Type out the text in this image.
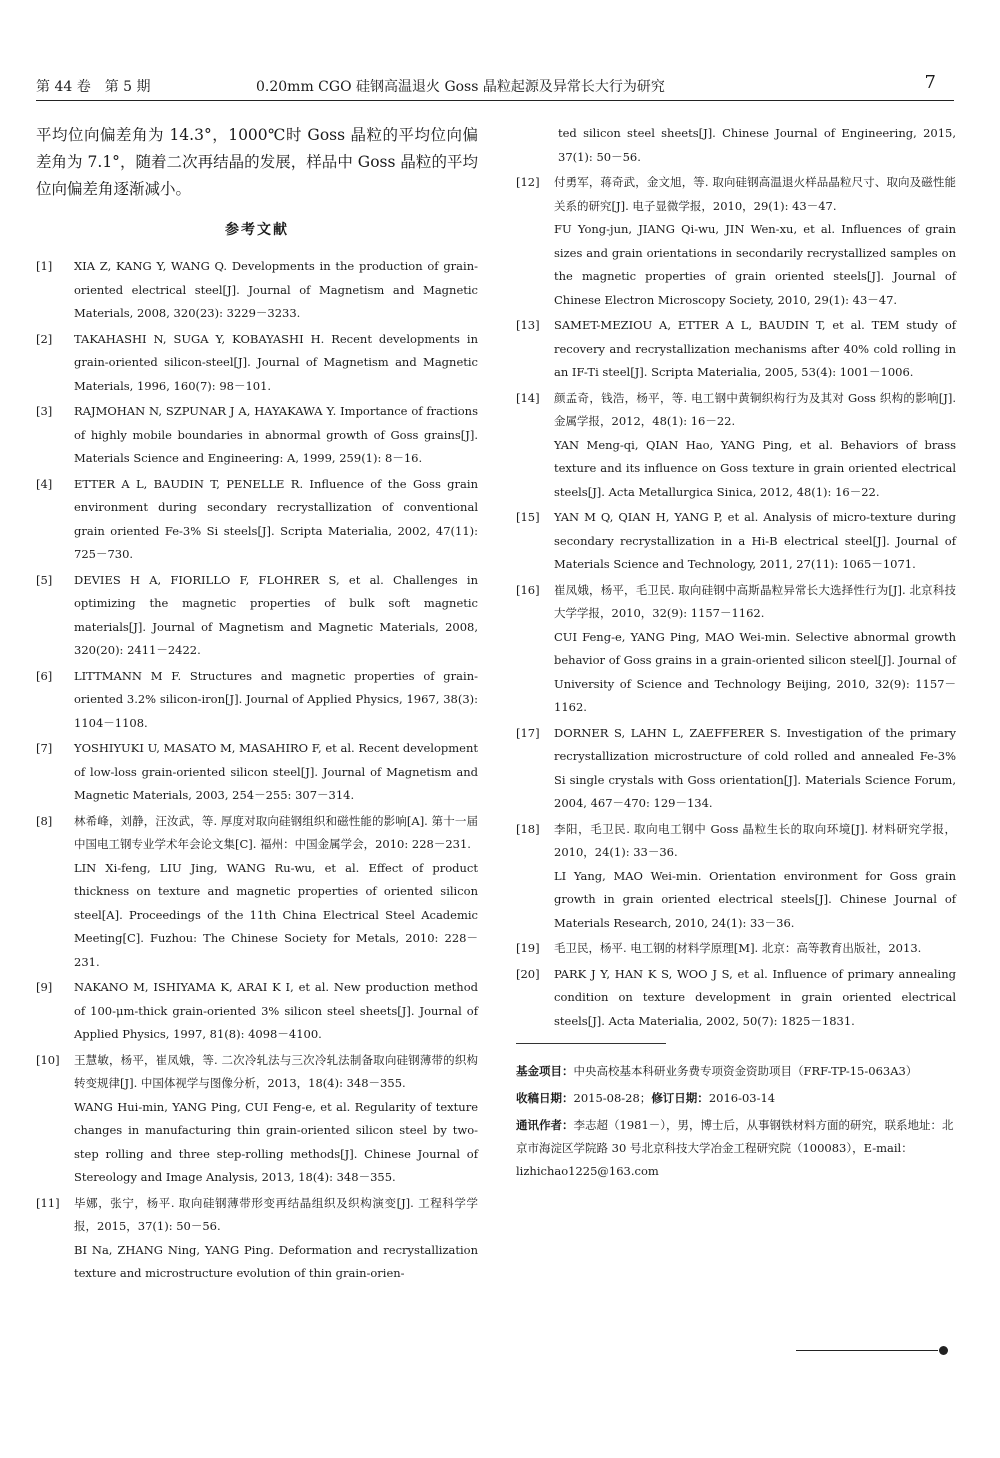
第 44 卷　第 5 期	0.20mm CGO 硅钢高温退火 Goss 晶粒起源及异常长大行为研究	7

平均位向偏差角为 14.3°，1000℃时 Goss 晶粒的平均位向偏差角为 7.1°，随着二次再结晶的发展，样品中 Goss 晶粒的平均位向偏差角逐渐减小。

参考文献
[1] XIA Z, KANG Y, WANG Q. Developments in the production of grain-oriented electrical steel[J]. Journal of Magnetism and Magnetic Materials, 2008, 320(23): 3229－3233.
[2] TAKAHASHI N, SUGA Y, KOBAYASHI H. Recent developments in grain-oriented silicon-steel[J]. Journal of Magnetism and Magnetic Materials, 1996, 160(7): 98－101.
[3] RAJMOHAN N, SZPUNAR J A, HAYAKAWA Y. Importance of fractions of highly mobile boundaries in abnormal growth of Goss grains[J]. Materials Science and Engineering: A, 1999, 259(1): 8－16.
[4] ETTER A L, BAUDIN T, PENELLE R. Influence of the Goss grain environment during secondary recrystallization of conventional grain oriented Fe-3% Si steels[J]. Scripta Materialia, 2002, 47(11): 725－730.
[5] DEVIES H A, FIORILLO F, FLOHRER S, et al. Challenges in optimizing the magnetic properties of bulk soft magnetic materials[J]. Journal of Magnetism and Magnetic Materials, 2008, 320(20): 2411－2422.
[6] LITTMANN M F. Structures and magnetic properties of grain-oriented 3.2% silicon-iron[J]. Journal of Applied Physics, 1967, 38(3): 1104－1108.
[7] YOSHIYUKI U, MASATO M, MASAHIRO F, et al. Recent development of low-loss grain-oriented silicon steel[J]. Journal of Magnetism and Magnetic Materials, 2003, 254－255: 307－314.
[8] 林希峰，刘静，汪汝武，等. 厚度对取向硅钢组织和磁性能的影响[A]. 第十一届中国电工钢专业学术年会论文集[C]. 福州：中国金属学会，2010: 228－231.
LIN Xi-feng, LIU Jing, WANG Ru-wu, et al. Effect of product thickness on texture and magnetic properties of oriented silicon steel[A]. Proceedings of the 11th China Electrical Steel Academic Meeting[C]. Fuzhou: The Chinese Society for Metals, 2010: 228－231.
[9] NAKANO M, ISHIYAMA K, ARAI K I, et al. New production method of 100-μm-thick grain-oriented 3% silicon steel sheets[J]. Journal of Applied Physics, 1997, 81(8): 4098－4100.
[10] 王慧敏，杨平，崔凤娥，等. 二次冷轧法与三次冷轧法制备取向硅钢薄带的织构转变规律[J]. 中国体视学与图像分析，2013，18(4): 348－355.
WANG Hui-min, YANG Ping, CUI Feng-e, et al. Regularity of texture changes in manufacturing thin grain-oriented silicon steel by two-step rolling and three step-rolling methods[J]. Chinese Journal of Stereology and Image Analysis, 2013, 18(4): 348－355.
[11] 毕娜，张宁，杨平. 取向硅钢薄带形变再结晶组织及织构演变[J]. 工程科学学报，2015，37(1): 50－56.
BI Na, ZHANG Ning, YANG Ping. Deformation and recrystallization texture and microstructure evolution of thin grain-orien-
ted silicon steel sheets[J]. Chinese Journal of Engineering, 2015, 37(1): 50－56.
[12] 付勇军，蒋奇武，金文旭，等. 取向硅钢高温退火样品晶粒尺寸、取向及磁性能关系的研究[J]. 电子显微学报，2010，29(1): 43－47.
FU Yong-jun, JIANG Qi-wu, JIN Wen-xu, et al. Influences of grain sizes and grain orientations in secondarily recrystallized samples on the magnetic properties of grain oriented steels[J]. Journal of Chinese Electron Microscopy Society, 2010, 29(1): 43－47.
[13] SAMET-MEZIOU A, ETTER A L, BAUDIN T, et al. TEM study of recovery and recrystallization mechanisms after 40% cold rolling in an IF-Ti steel[J]. Scripta Materialia, 2005, 53(4): 1001－1006.
[14] 颜孟奇，钱浩，杨平，等. 电工钢中黄铜织构行为及其对 Goss 织构的影响[J]. 金属学报，2012，48(1): 16－22.
YAN Meng-qi, QIAN Hao, YANG Ping, et al. Behaviors of brass texture and its influence on Goss texture in grain oriented electrical steels[J]. Acta Metallurgica Sinica, 2012, 48(1): 16－22.
[15] YAN M Q, QIAN H, YANG P, et al. Analysis of micro-texture during secondary recrystallization in a Hi-B electrical steel[J]. Journal of Materials Science and Technology, 2011, 27(11): 1065－1071.
[16] 崔凤娥，杨平，毛卫民. 取向硅钢中高斯晶粒异常长大选择性行为[J]. 北京科技大学学报，2010，32(9): 1157－1162.
CUI Feng-e, YANG Ping, MAO Wei-min. Selective abnormal growth behavior of Goss grains in a grain-oriented silicon steel[J]. Journal of University of Science and Technology Beijing, 2010, 32(9): 1157－1162.
[17] DORNER S, LAHN L, ZAEFFERER S. Investigation of the primary recrystallization microstructure of cold rolled and annealed Fe-3% Si single crystals with Goss orientation[J]. Materials Science Forum, 2004, 467－470: 129－134.
[18] 李阳，毛卫民. 取向电工钢中 Goss 晶粒生长的取向环境[J]. 材料研究学报，2010，24(1): 33－36.
LI Yang, MAO Wei-min. Orientation environment for Goss grain growth in grain oriented electrical steels[J]. Chinese Journal of Materials Research, 2010, 24(1): 33－36.
[19] 毛卫民，杨平. 电工钢的材料学原理[M]. 北京：高等教育出版社，2013.
[20] PARK J Y, HAN K S, WOO J S, et al. Influence of primary annealing condition on texture development in grain oriented electrical steels[J]. Acta Materialia, 2002, 50(7): 1825－1831.
基金项目：中央高校基本科研业务费专项资金资助项目（FRF-TP-15-063A3）
收稿日期：2015-08-28；修订日期：2016-03-14
通讯作者：李志超（1981－），男，博士后，从事钢铁材料方面的研究，联系地址：北京市海淀区学院路 30 号北京科技大学冶金工程研究院（100083），E-mail：lizhichao1225@163.com
